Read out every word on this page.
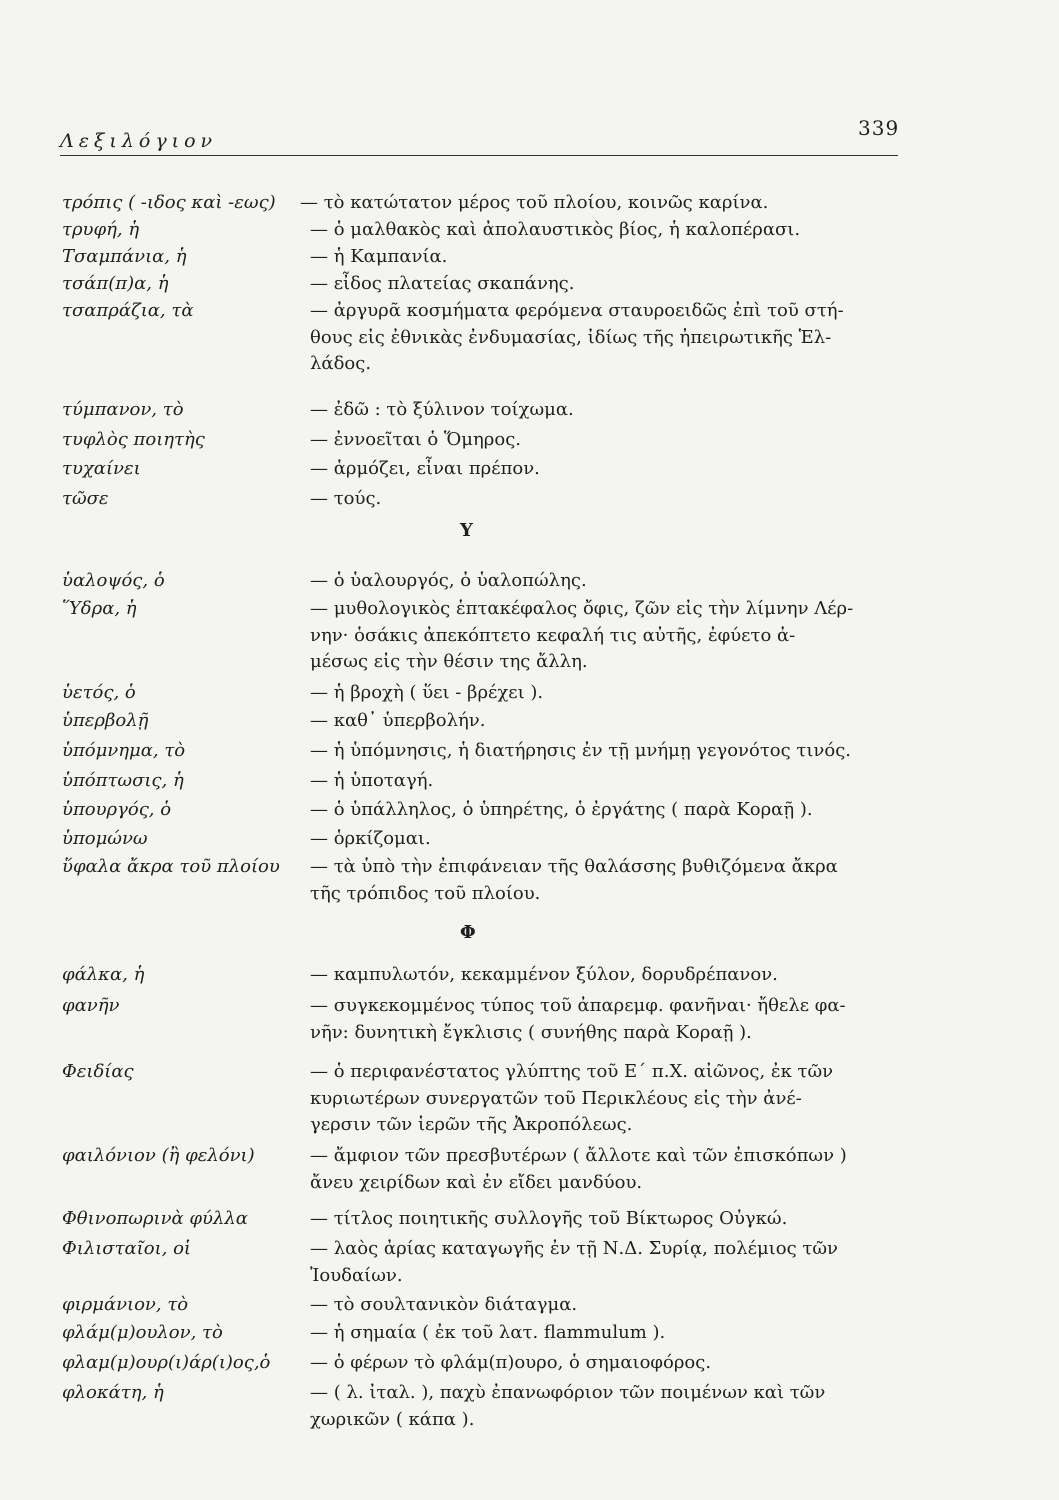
Λεξιλόγιον
339
Υ
Φ
τρόπις ( -ιδος καὶ -εως) — τὸ κατώτατον μέρος τοῦ πλοίου, κοινῶς καρίνα.
τρυφή, ἡ	— ὁ μαλθακὸς καὶ ἀπολαυστικὸς βίος, ἡ καλοπέρασι.
Τσαμπάνια, ἡ	— ἡ Καμπανία.
τσάπ(π)α, ἡ	— εἶδος πλατείας σκαπάνης.
τσαπράζια, τὰ	— ἀργυρᾶ κοσμήματα φερόμενα σταυροειδῶς ἐπὶ τοῦ στή-
θους εἰς ἐθνικὰς ἐνδυμασίας, ἰδίως τῆς ἠπειρωτικῆς Ἑλ-
λάδος.
τύμπανον, τὸ	— ἐδῶ : τὸ ξύλινον τοίχωμα.
τυφλὸς ποιητὴς	— ἐννοεῖται ὁ Ὅμηρος.
τυχαίνει	— ἁρμόζει, εἶναι πρέπον.
τῶσε	— τούς.
ὑαλοψός, ὁ	— ὁ ὑαλουργός, ὁ ὑαλοπώλης.
Ὕδρα, ἡ	— μυθολογικὸς ἑπτακέφαλος ὄφις, ζῶν εἰς τὴν λίμνην Λέρ-
νην· ὁσάκις ἀπεκόπτετο κεφαλή τις αὐτῆς, ἐφύετο ἀ-
μέσως εἰς τὴν θέσιν της ἄλλη.
ὑετός, ὁ	— ἡ βροχὴ ( ὕει - βρέχει ).
ὑπερβολῇ	— καθ᾽ ὑπερβολήν.
ὑπόμνημα, τὸ	— ἡ ὑπόμνησις, ἡ διατήρησις ἐν τῇ μνήμῃ γεγονότος τινός.
ὑπόπτωσις, ἡ	— ἡ ὑποταγή.
ὑπουργός, ὁ	— ὁ ὑπάλληλος, ὁ ὑπηρέτης, ὁ ἐργάτης ( παρὰ Κοραῇ ).
ὑπομώνω	— ὁρκίζομαι.
ὕφαλα ἄκρα τοῦ πλοίου — τὰ ὑπὸ τὴν ἐπιφάνειαν τῆς θαλάσσης βυθιζόμενα ἄκρα
τῆς τρόπιδος τοῦ πλοίου.
φάλκα, ἡ	— καμπυλωτόν, κεκαμμένον ξύλον, δορυδρέπανον.
φανῆν	— συγκεκομμένος τύπος τοῦ ἀπαρεμφ. φανῆναι· ἤθελε φα-
νῆν: δυνητικὴ ἔγκλισις ( συνήθης παρὰ Κοραῇ ).
Φειδίας	— ὁ περιφανέστατος γλύπτης τοῦ Ε΄ π.Χ. αἰῶνος, ἐκ τῶν
κυριωτέρων συνεργατῶν τοῦ Περικλέους εἰς τὴν ἀνέ-
γερσιν τῶν ἱερῶν τῆς Ἀκροπόλεως.
φαιλόνιον (ἢ φελόνι)	— ἄμφιον τῶν πρεσβυτέρων ( ἄλλοτε καὶ τῶν ἐπισκόπων )
ἄνευ χειρίδων καὶ ἐν εἴδει μανδύου.
Φθινοπωρινὰ φύλλα	— τίτλος ποιητικῆς συλλογῆς τοῦ Βίκτωρος Οὐγκώ.
Φιλισταῖοι, οἱ	— λαὸς ἀρίας καταγωγῆς ἐν τῇ Ν.Δ. Συρίᾳ, πολέμιος τῶν
Ἰουδαίων.
φιρμάνιον, τὸ	— τὸ σουλτανικὸν διάταγμα.
φλάμ(μ)ουλον, τὸ	— ἡ σημαία ( ἐκ τοῦ λατ. flammulum ).
φλαμ(μ)ουρ(ι)άρ(ι)ος,ὁ — ὁ φέρων τὸ φλάμ(π)ουρο, ὁ σημαιοφόρος.
φλοκάτη, ἡ	— ( λ. ἰταλ. ), παχὺ ἐπανωφόριον τῶν ποιμένων καὶ τῶν
χωρικῶν ( κάπα ).
